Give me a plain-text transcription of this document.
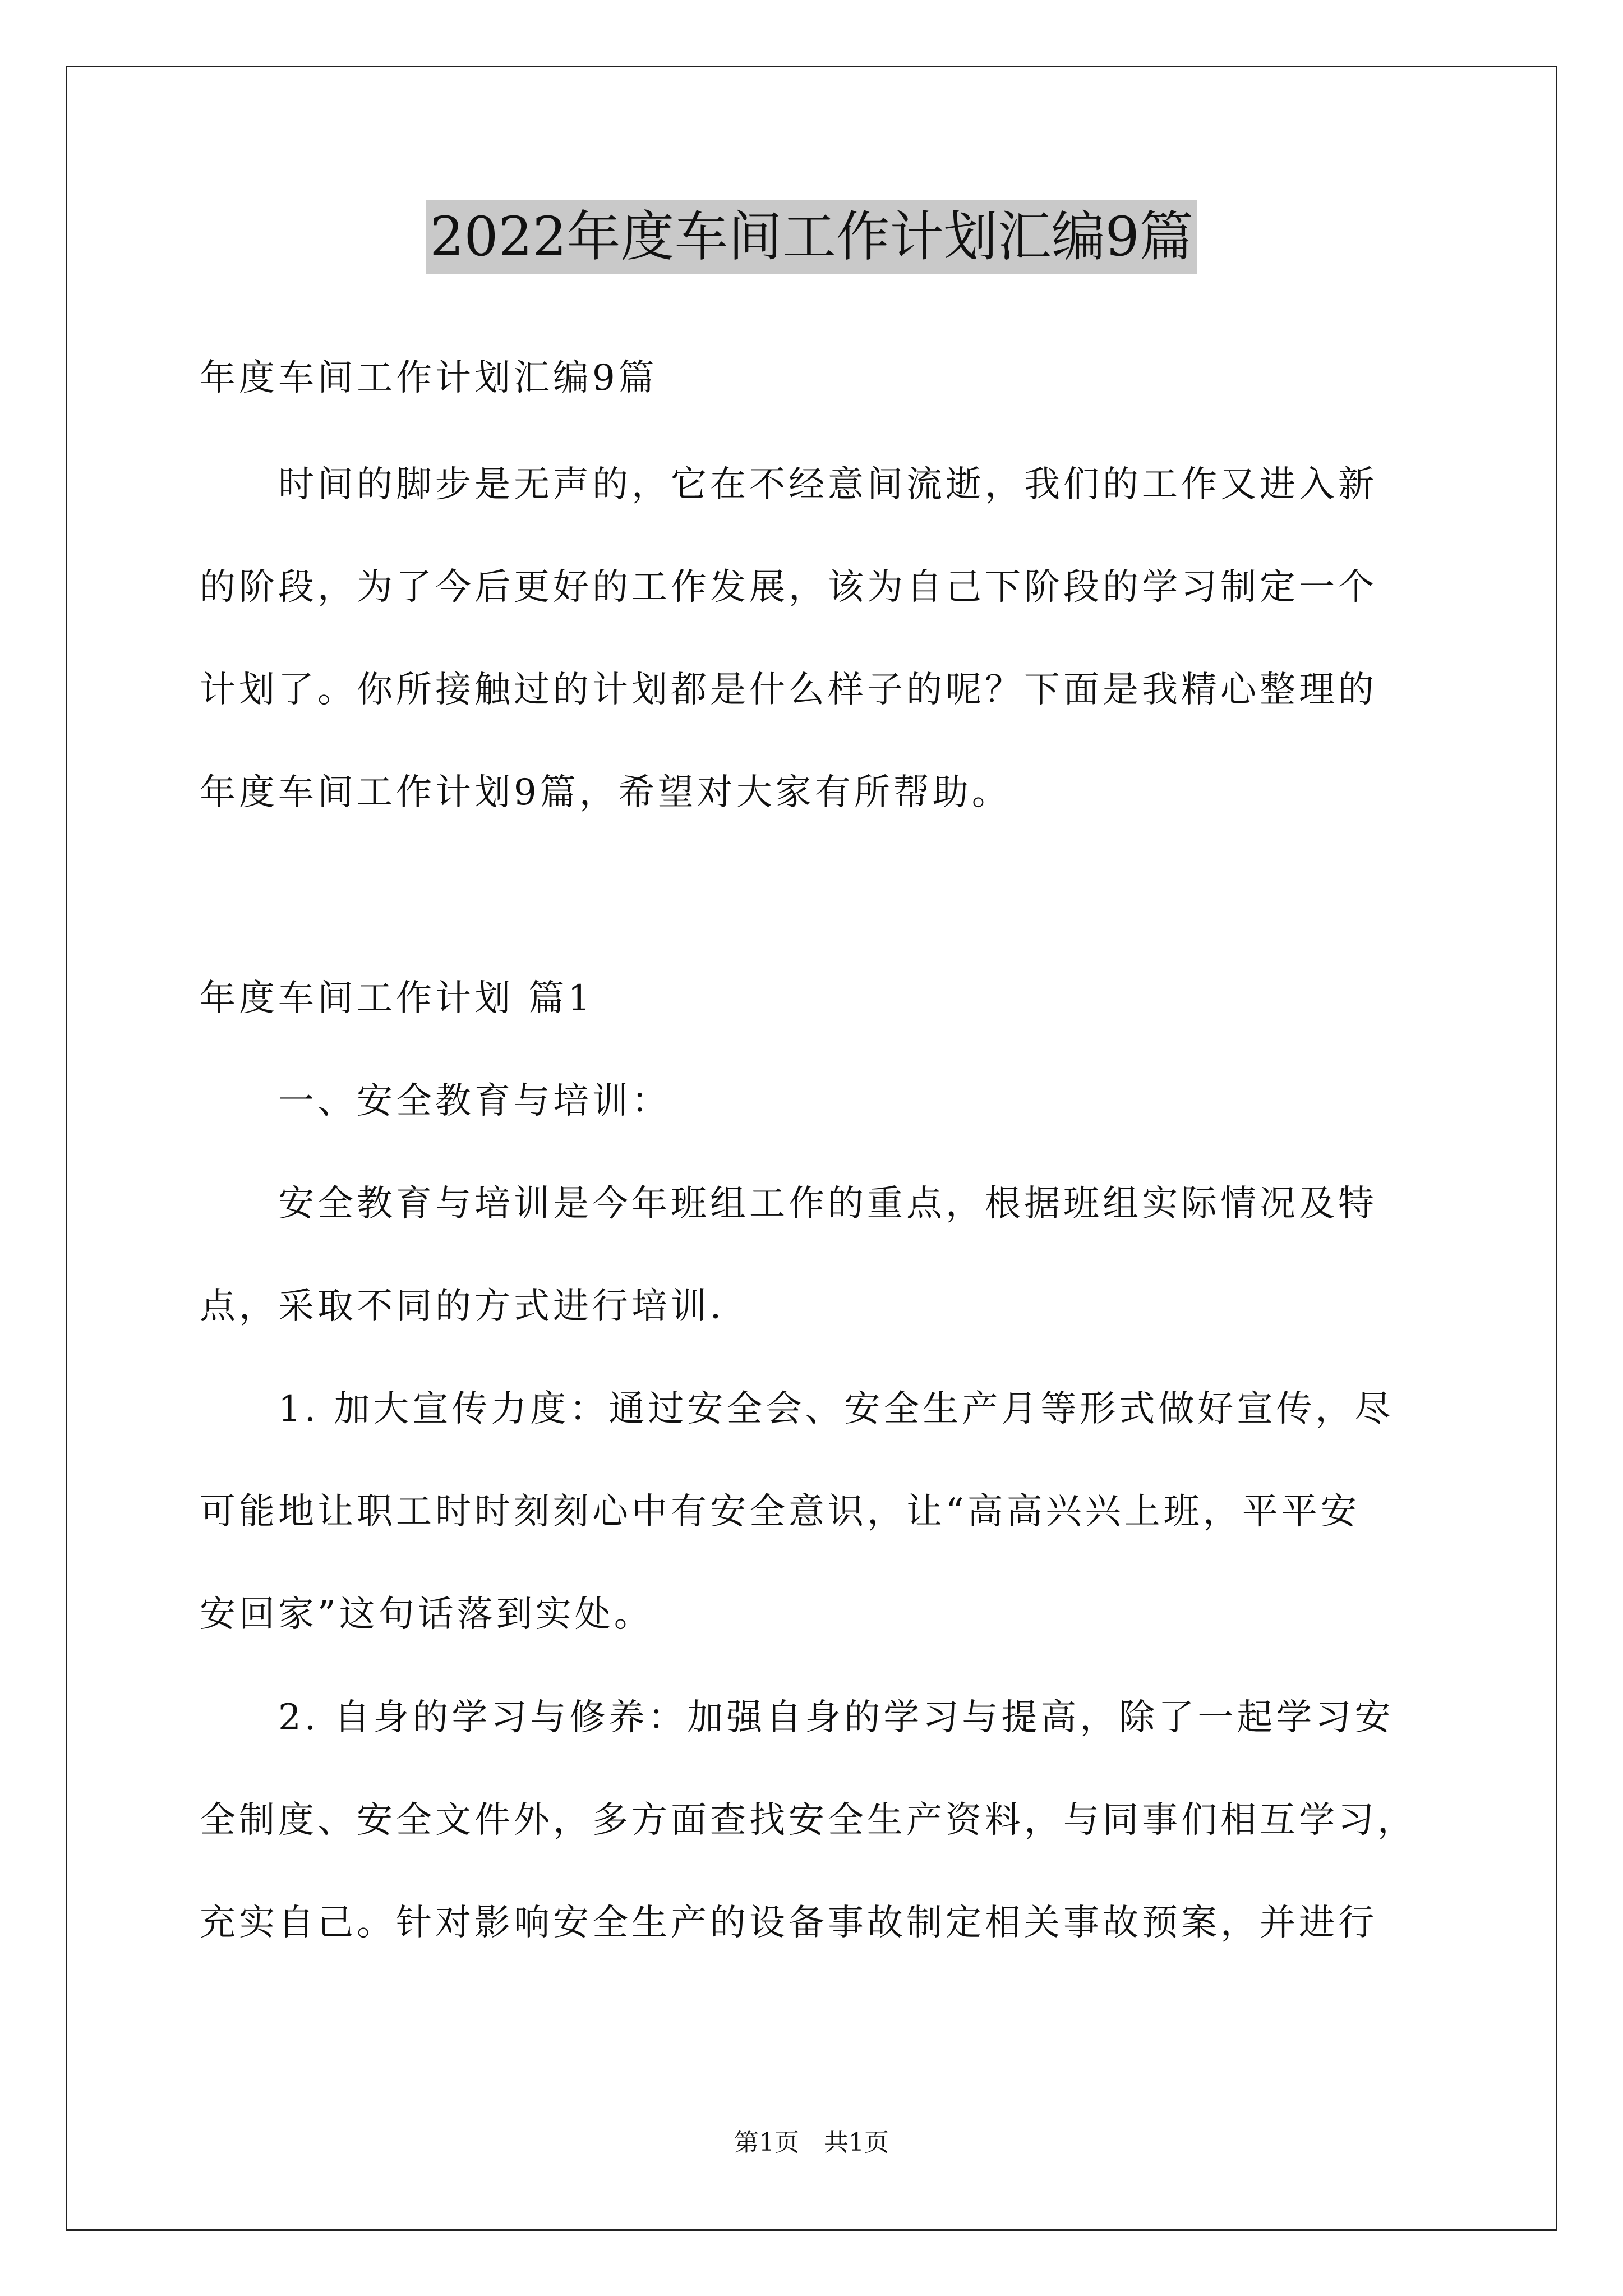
2022年度车间工作计划汇编9篇
年度车间工作计划汇编9篇
　　时间的脚步是无声的，它在不经意间流逝，我们的工作又进入新
的阶段，为了今后更好的工作发展，该为自己下阶段的学习制定一个
计划了。你所接触过的计划都是什么样子的呢？下面是我精心整理的
年度车间工作计划9篇，希望对大家有所帮助。
年度车间工作计划 篇1
　　一、安全教育与培训：
　　安全教育与培训是今年班组工作的重点，根据班组实际情况及特
点，采取不同的方式进行培训．
　　1. 加大宣传力度：通过安全会、安全生产月等形式做好宣传，尽
可能地让职工时时刻刻心中有安全意识，让“高高兴兴上班，平平安
安回家”这句话落到实处。
　　2. 自身的学习与修养：加强自身的学习与提高，除了一起学习安
全制度、安全文件外，多方面查找安全生产资料，与同事们相互学习，
充实自己。针对影响安全生产的设备事故制定相关事故预案，并进行
第1页　共1页
